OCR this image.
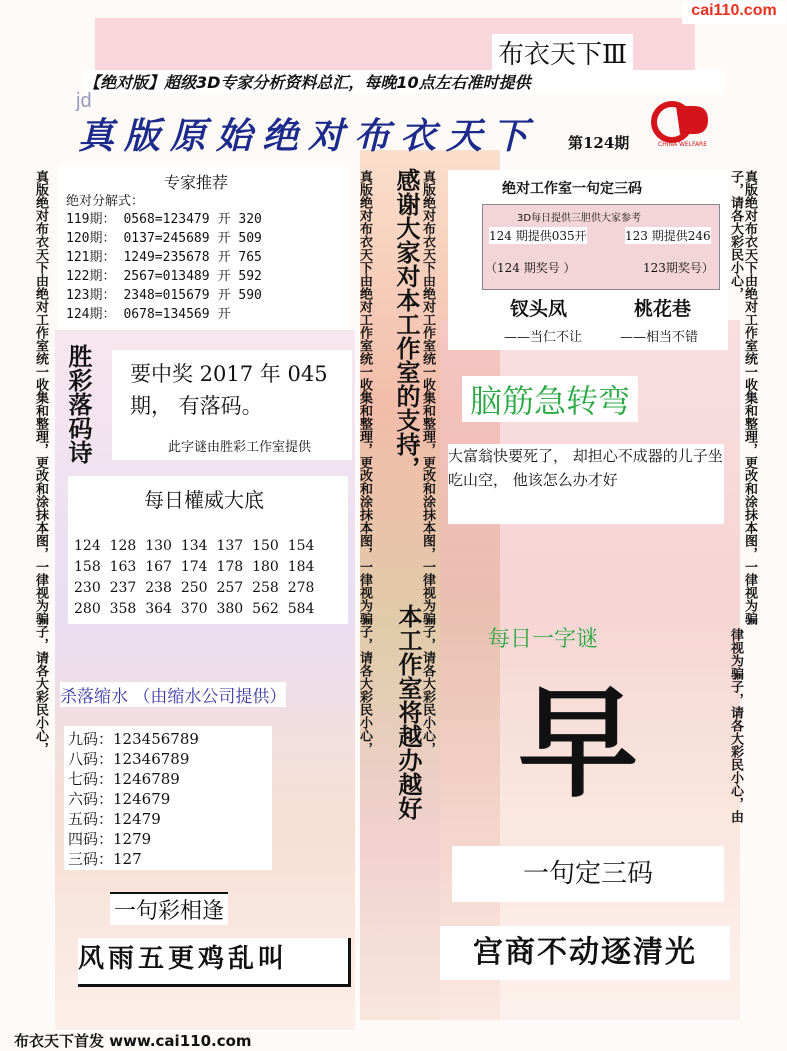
cai110.com
布衣天下Ⅲ
【绝对版】超级3D专家分析资料总汇，每晚10点左右准时提供
jd
真版原始绝对布衣天下 第124期	CHINA WELFARE
真版绝对布衣天下由绝对工作室统一收集和整理，更改和涂抹本图，一律视为骗子，请各大彩民小心，	真版绝对布衣天下由绝对工作室统一收集和整理，更改和涂抹本图，一律视为骗子，请各大彩民小心，	真版绝对布衣天下由绝对工作室统一收集和整理，更改和涂抹本图，一律视为骗子，请各大彩民小心，	真版绝对布衣天下由绝对工作室统一收集和整理，更改和涂抹本图，一律视为骗子，请各大彩民小心，
律视为骗子，请各大彩民小心，由
专家推荐
绝对分解式：
119期： 0568=123479 开 320
120期： 0137=245689 开 509
121期： 1249=235678 开 765
122期： 2567=013489 开 592
123期： 2348=015679 开 590
124期： 0678=134569 开
胜彩落码诗 要中奖 2017 年 045
期， 有落码。
此字谜由胜彩工作室提供
每日權威大底
124  128  130  134  137  150  154
158  163  167  174  178  180  184
230  237  238  250  257  258  278
280  358  364  370  380  562  584
杀落缩水 （由缩水公司提供）
九码：123456789
八码：12346789
七码：1246789
六码：124679
五码：12479
四码：1279
三码：127
一句彩相逢
风雨五更鸡乱叫
布衣天下首发 www.cai110.com
感谢大家对本工作室的支持，
本工作室将越办越好
绝对工作室一句定三码
3D每日提供三胆供大家参考
124 期提供035开	123 期提供246
（124 期奖号 ）	123期奖号）
钗头凤	桃花巷
——当仁不让	——相当不错
脑筋急转弯
大富翁快要死了， 却担心不成器的儿子坐吃山空， 他该怎么办才好
每日一字谜
早
一句定三码
宫商不动逐清光
